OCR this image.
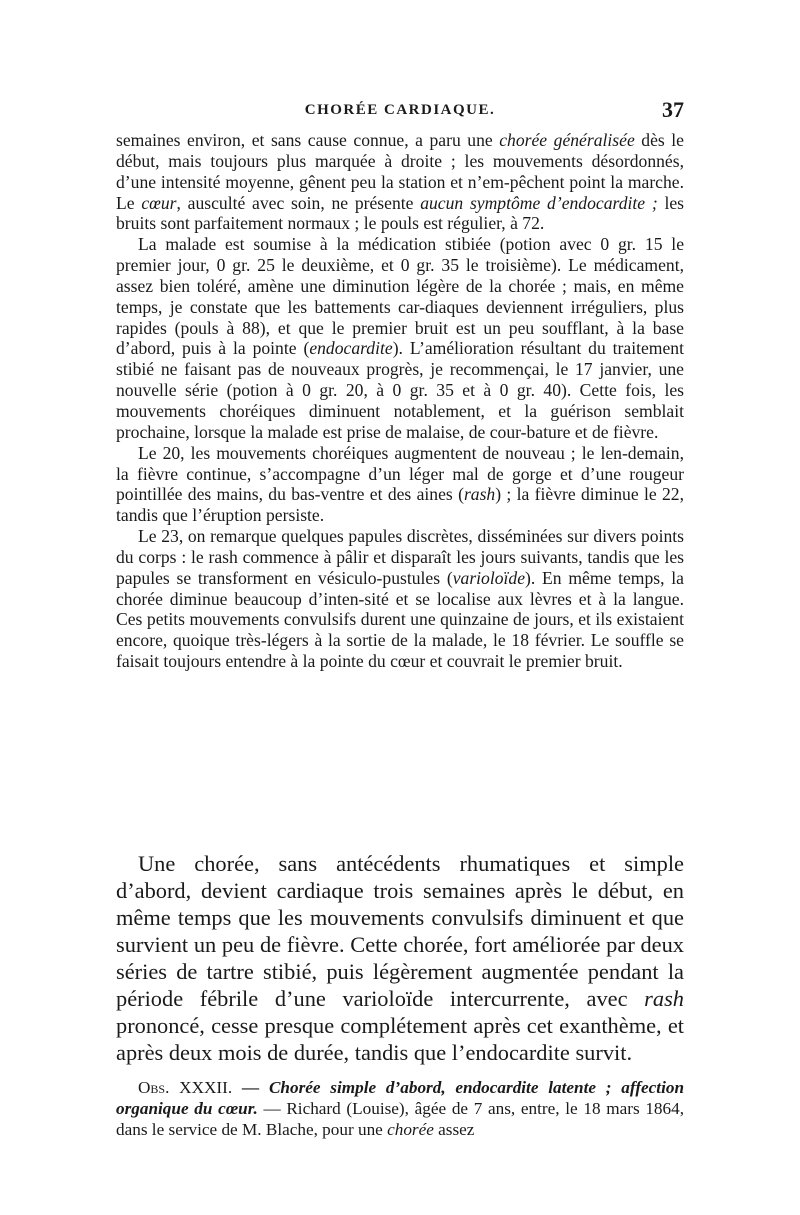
CHORÉE CARDIAQUE.	37

semaines environ, et sans cause connue, a paru une chorée généralisée dès le début, mais toujours plus marquée à droite ; les mouvements désordonnés, d’une intensité moyenne, gênent peu la station et n’em-pêchent point la marche. Le cœur, ausculté avec soin, ne présente aucun symptôme d’endocardite ; les bruits sont parfaitement normaux ; le pouls est régulier, à 72.

La malade est soumise à la médication stibiée (potion avec 0 gr. 15 le premier jour, 0 gr. 25 le deuxième, et 0 gr. 35 le troisième). Le médicament, assez bien toléré, amène une diminution légère de la chorée ; mais, en même temps, je constate que les battements car-diaques deviennent irréguliers, plus rapides (pouls à 88), et que le premier bruit est un peu soufflant, à la base d’abord, puis à la pointe (endocardite). L’amélioration résultant du traitement stibié ne faisant pas de nouveaux progrès, je recommençai, le 17 janvier, une nouvelle série (potion à 0 gr. 20, à 0 gr. 35 et à 0 gr. 40). Cette fois, les mouvements choréiques diminuent notablement, et la guérison semblait prochaine, lorsque la malade est prise de malaise, de cour-bature et de fièvre.

Le 20, les mouvements choréiques augmentent de nouveau ; le len-demain, la fièvre continue, s’accompagne d’un léger mal de gorge et d’une rougeur pointillée des mains, du bas-ventre et des aines (rash) ; la fièvre diminue le 22, tandis que l’éruption persiste.

Le 23, on remarque quelques papules discrètes, disséminées sur divers points du corps : le rash commence à pâlir et disparaît les jours suivants, tandis que les papules se transforment en vésiculo-pustules (varioloïde). En même temps, la chorée diminue beaucoup d’inten-sité et se localise aux lèvres et à la langue. Ces petits mouvements convulsifs durent une quinzaine de jours, et ils existaient encore, quoique très-légers à la sortie de la malade, le 18 février. Le souffle se faisait toujours entendre à la pointe du cœur et couvrait le premier bruit.

Une chorée, sans antécédents rhumatiques et simple d’abord, devient cardiaque trois semaines après le début, en même temps que les mouvements convulsifs diminuent et que survient un peu de fièvre. Cette chorée, fort améliorée par deux séries de tartre stibié, puis légèrement augmentée pendant la période fébrile d’une varioloïde intercurrente, avec rash prononcé, cesse presque complétement après cet exanthème, et après deux mois de durée, tandis que l’endocardite survit.

Obs. XXXII. — Chorée simple d’abord, endocardite latente ; affection organique du cœur. — Richard (Louise), âgée de 7 ans, entre, le 18 mars 1864, dans le service de M. Blache, pour une chorée assez
